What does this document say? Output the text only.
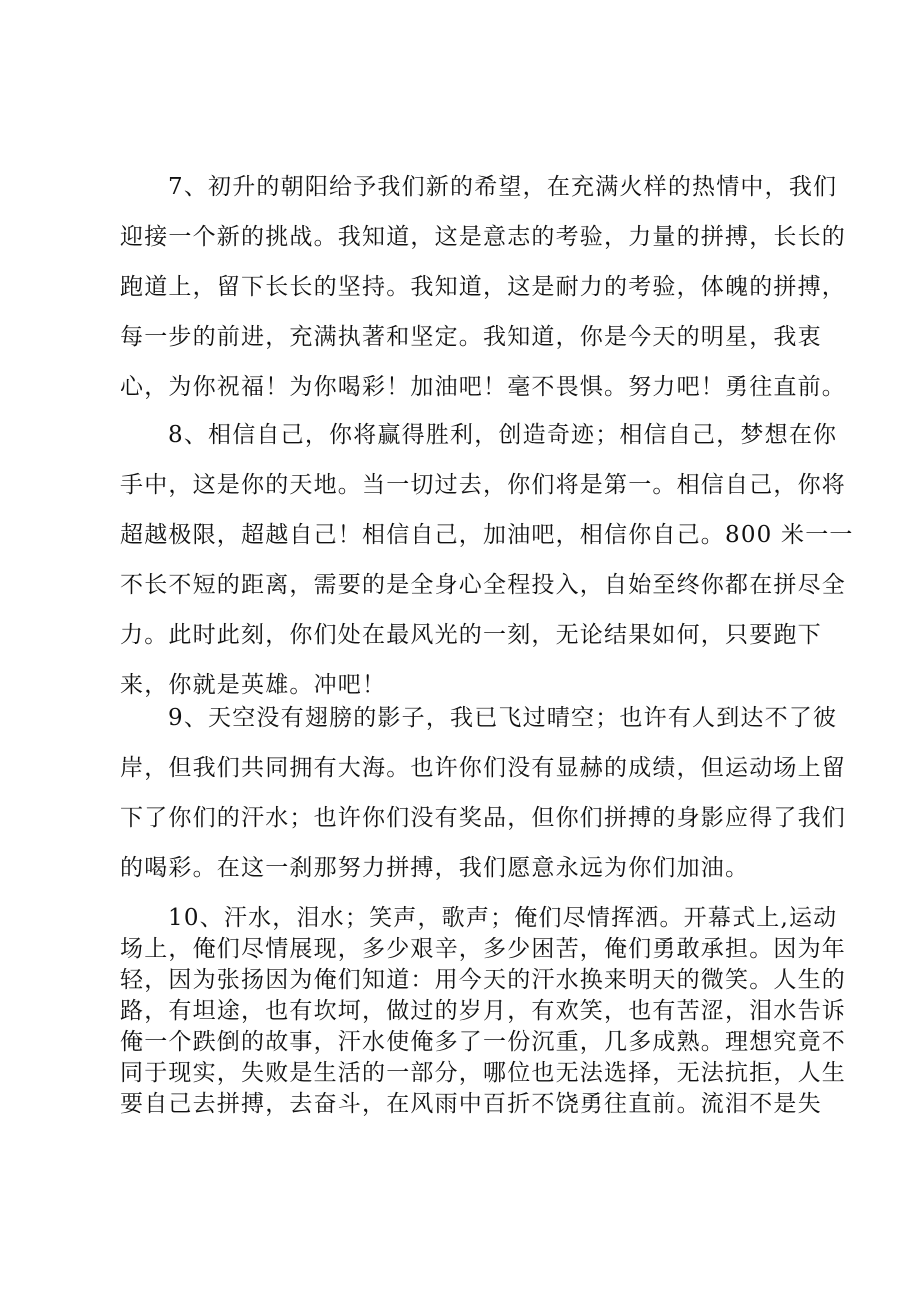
7、初升的朝阳给予我们新的希望，在充满火样的热情中，我们
迎接一个新的挑战。我知道，这是意志的考验，力量的拼搏，长长的
跑道上，留下长长的坚持。我知道，这是耐力的考验，体魄的拼搏，
每一步的前进，充满执著和坚定。我知道，你是今天的明星，我衷
心，为你祝福！为你喝彩！加油吧！毫不畏惧。努力吧！勇往直前。

8、相信自己，你将赢得胜利，创造奇迹；相信自己，梦想在你
手中，这是你的天地。当一切过去，你们将是第一。相信自己，你将
超越极限，超越自己！相信自己，加油吧，相信你自己。800 米一一
不长不短的距离，需要的是全身心全程投入，自始至终你都在拼尽全
力。此时此刻，你们处在最风光的一刻，无论结果如何，只要跑下
来，你就是英雄。冲吧！

9、天空没有翅膀的影子，我已飞过晴空；也许有人到达不了彼
岸，但我们共同拥有大海。也许你们没有显赫的成绩，但运动场上留
下了你们的汗水；也许你们没有奖品，但你们拼搏的身影应得了我们
的喝彩。在这一刹那努力拼搏，我们愿意永远为你们加油。

10、汗水，泪水；笑声，歌声；俺们尽情挥洒。开幕式上,运动
场上，俺们尽情展现，多少艰辛，多少困苦，俺们勇敢承担。因为年
轻，因为张扬因为俺们知道：用今天的汗水换来明天的微笑。人生的
路，有坦途，也有坎坷，做过的岁月，有欢笑，也有苦涩，泪水告诉
俺一个跌倒的故事，汗水使俺多了一份沉重，几多成熟。理想究竟不
同于现实，失败是生活的一部分，哪位也无法选择，无法抗拒，人生
要自己去拼搏，去奋斗，在风雨中百折不饶勇往直前。流泪不是失
